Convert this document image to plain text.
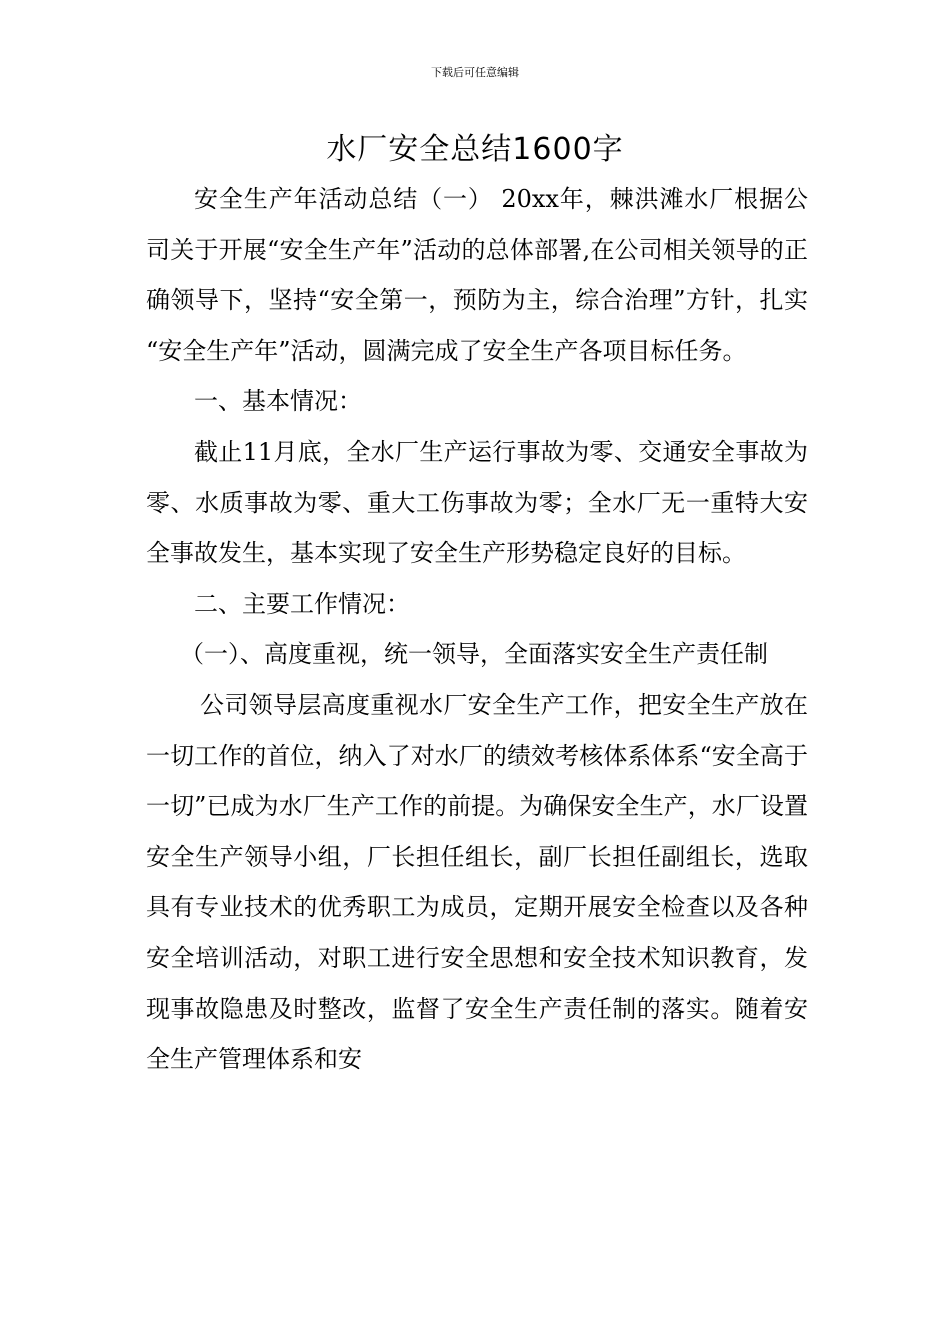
下载后可任意编辑
水厂安全总结1600字

安全生产年活动总结（一） 20xx年，棘洪滩水厂根据公司关于开展“安全生产年”活动的总体部署,在公司相关领导的正确领导下，坚持“安全第一，预防为主，综合治理”方针，扎实 “安全生产年”活动，圆满完成了安全生产各项目标任务。

一、基本情况：

截止11月底，全水厂生产运行事故为零、交通安全事故为零、水质事故为零、重大工伤事故为零；全水厂无一重特大安全事故发生，基本实现了安全生产形势稳定良好的目标。

二、主要工作情况：

（一）、高度重视，统一领导，全面落实安全生产责任制

公司领导层高度重视水厂安全生产工作，把安全生产放在一切工作的首位，纳入了对水厂的绩效考核体系体系“安全高于一切”已成为水厂生产工作的前提。为确保安全生产，水厂设置安全生产领导小组，厂长担任组长，副厂长担任副组长，选取具有专业技术的优秀职工为成员，定期开展安全检查以及各种安全培训活动，对职工进行安全思想和安全技术知识教育，发现事故隐患及时整改，监督了安全生产责任制的落实。随着安全生产管理体系和安
